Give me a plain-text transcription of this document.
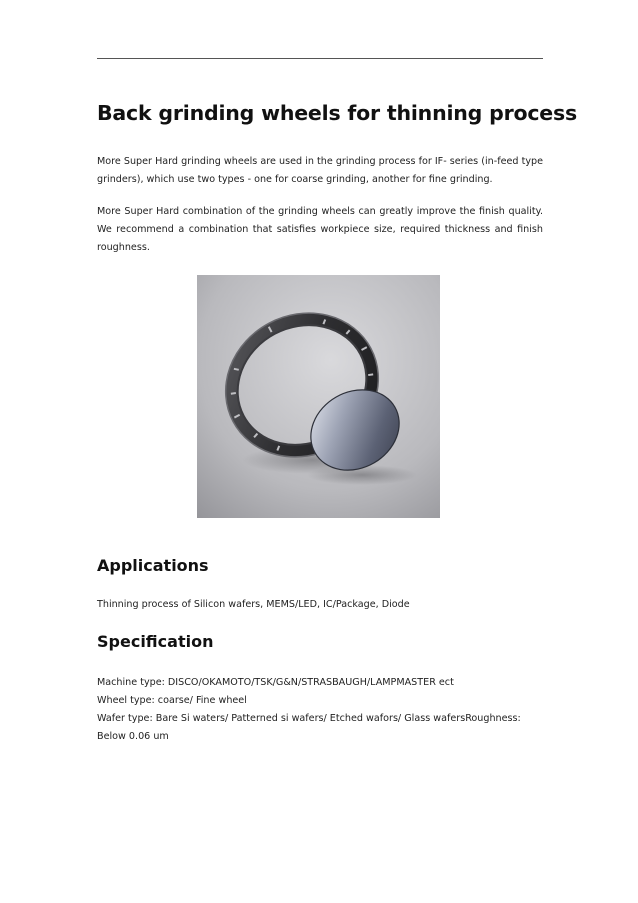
Back grinding wheels for thinning process

More Super Hard grinding wheels are used in the grinding process for IF- series (in-feed type grinders), which use two types - one for coarse grinding, another for fine grinding.

More Super Hard combination of the grinding wheels can greatly improve the finish quality. We recommend a combination that satisfies workpiece size, required thickness and finish roughness.

Applications

Thinning process of Silicon wafers, MEMS/LED, IC/Package, Diode

Specification

Machine type: DISCO/OKAMOTO/TSK/G&N/STRASBAUGH/LAMPMASTER ect

Wheel type: coarse/ Fine wheel

Wafer type: Bare Si waters/ Patterned si wafers/ Etched wafors/ Glass wafersRoughness: Below 0.06 um
